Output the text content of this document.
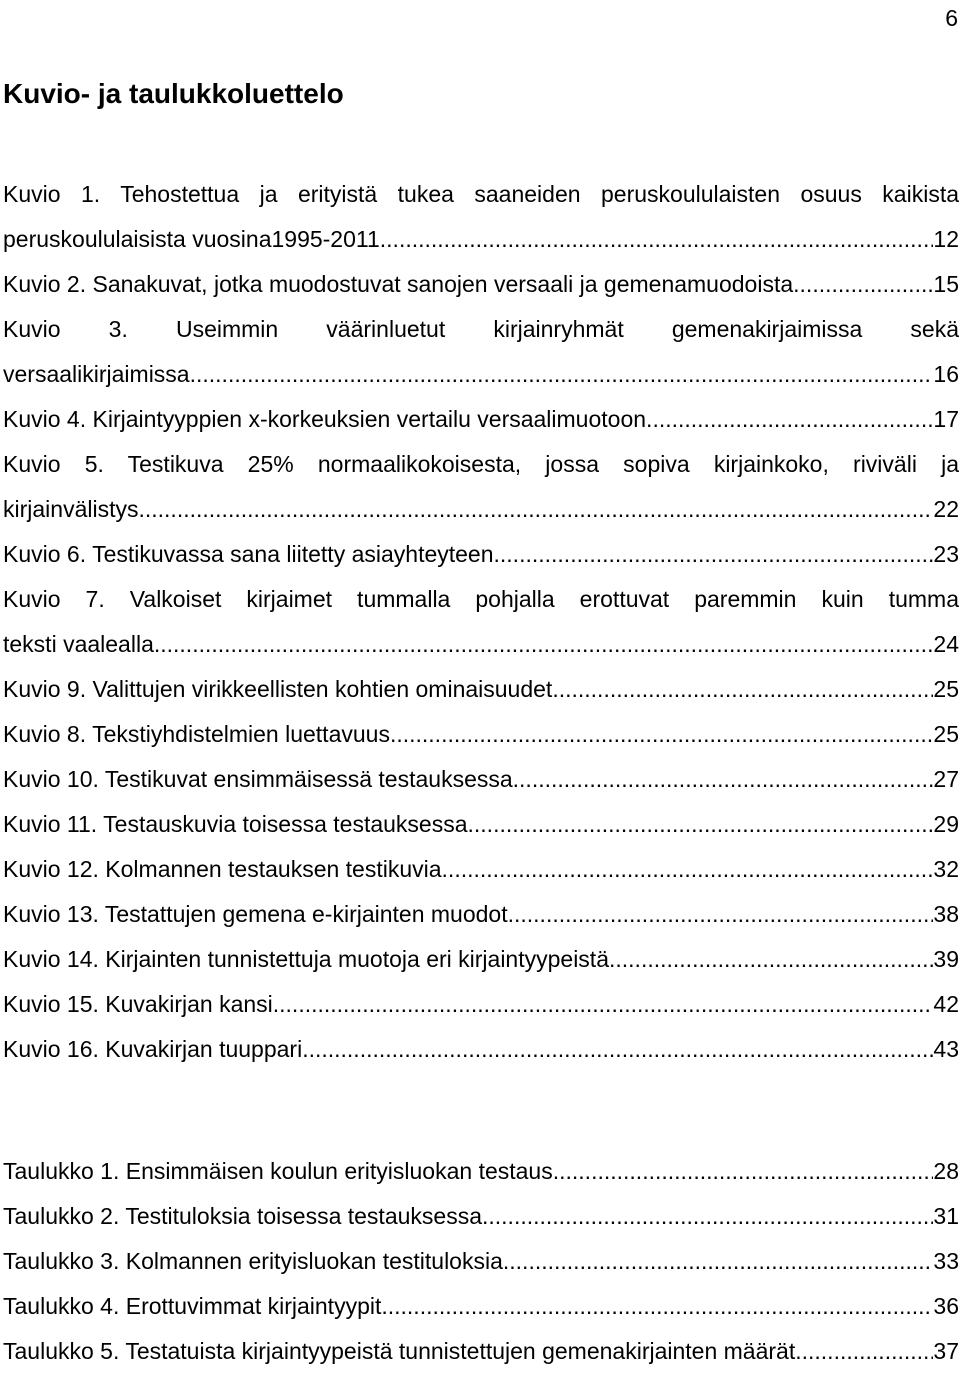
6
Kuvio- ja taulukkoluettelo
Kuvio 1. Tehostettua ja erityistä tukea saaneiden peruskoululaisten osuus kaikista
peruskoululaisista vuosina1995-2011. .....	12
Kuvio 2. Sanakuvat, jotka muodostuvat sanojen versaali ja gemenamuodoista. .....	15
Kuvio 3. Useimmin väärinluetut kirjainryhmät gemenakirjaimissa sekä
versaalikirjaimissa .....	16
Kuvio 4. Kirjaintyyppien x-korkeuksien vertailu versaalimuotoon. .....	17
Kuvio 5. Testikuva 25% normaalikokoisesta, jossa sopiva kirjainkoko, riviväli ja
kirjainvälistys. .....	22
Kuvio 6. Testikuvassa sana liitetty asiayhteyteen .....	23
Kuvio 7. Valkoiset kirjaimet tummalla pohjalla erottuvat paremmin kuin tumma
teksti vaalealla .....	24
Kuvio 9. Valittujen virikkeellisten kohtien ominaisuudet. .....	25
Kuvio 8. Tekstiyhdistelmien luettavuus .....	25
Kuvio 10. Testikuvat ensimmäisessä testauksessa .....	27
Kuvio 11. Testauskuvia toisessa testauksessa .....	29
Kuvio 12. Kolmannen testauksen testikuvia .....	32
Kuvio 13. Testattujen gemena e-kirjainten muodot .....	38
Kuvio 14. Kirjainten tunnistettuja muotoja eri kirjaintyypeistä .....	39
Kuvio 15. Kuvakirjan kansi .....	42
Kuvio 16. Kuvakirjan tuuppari .....	43
Taulukko 1. Ensimmäisen koulun erityisluokan testaus .....	28
Taulukko 2. Testituloksia toisessa testauksessa .....	31
Taulukko 3. Kolmannen erityisluokan testituloksia .....	33
Taulukko 4. Erottuvimmat kirjaintyypit .....	36
Taulukko 5. Testatuista kirjaintyypeistä tunnistettujen gemenakirjainten määrät. .....	37
